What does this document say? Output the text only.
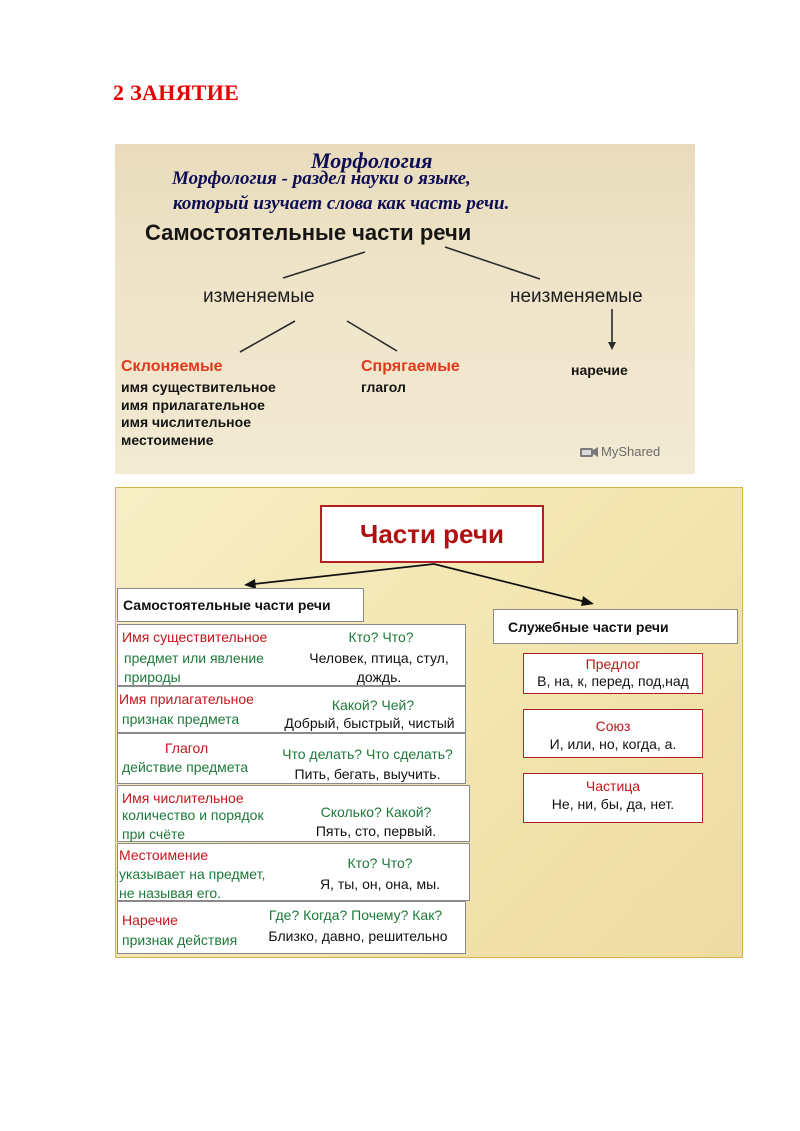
2 ЗАНЯТИЕ
Морфология
Морфология - раздел науки о языке,
который изучает слова как часть речи.
Самостоятельные части речи
изменяемые	неизменяемые
Склоняемые
имя существительное
имя прилагательное
имя числительное
местоимение
Спрягаемые
глагол
наречие
MyShared
Части речи
Самостоятельные части речи
Служебные части речи
Имя существительное
предмет или явление
природы
Кто? Что?
Человек, птица, стул,
дождь.
Имя прилагательное
признак предмета
Какой? Чей?
Добрый, быстрый, чистый
Глагол
действие предмета
Что делать? Что сделать?
Пить, бегать, выучить.
Имя числительное
количество и порядок
при счёте
Сколько? Какой?
Пять, сто, первый.
Местоимение
указывает на предмет,
не называя его.
Кто? Что?
Я, ты, он, она, мы.
Наречие
признак действия
Где? Когда? Почему? Как?
Близко, давно, решительно
Предлог
В, на, к, перед, под,над
Союз
И, или, но, когда, а.
Частица
Не, ни, бы, да, нет.
